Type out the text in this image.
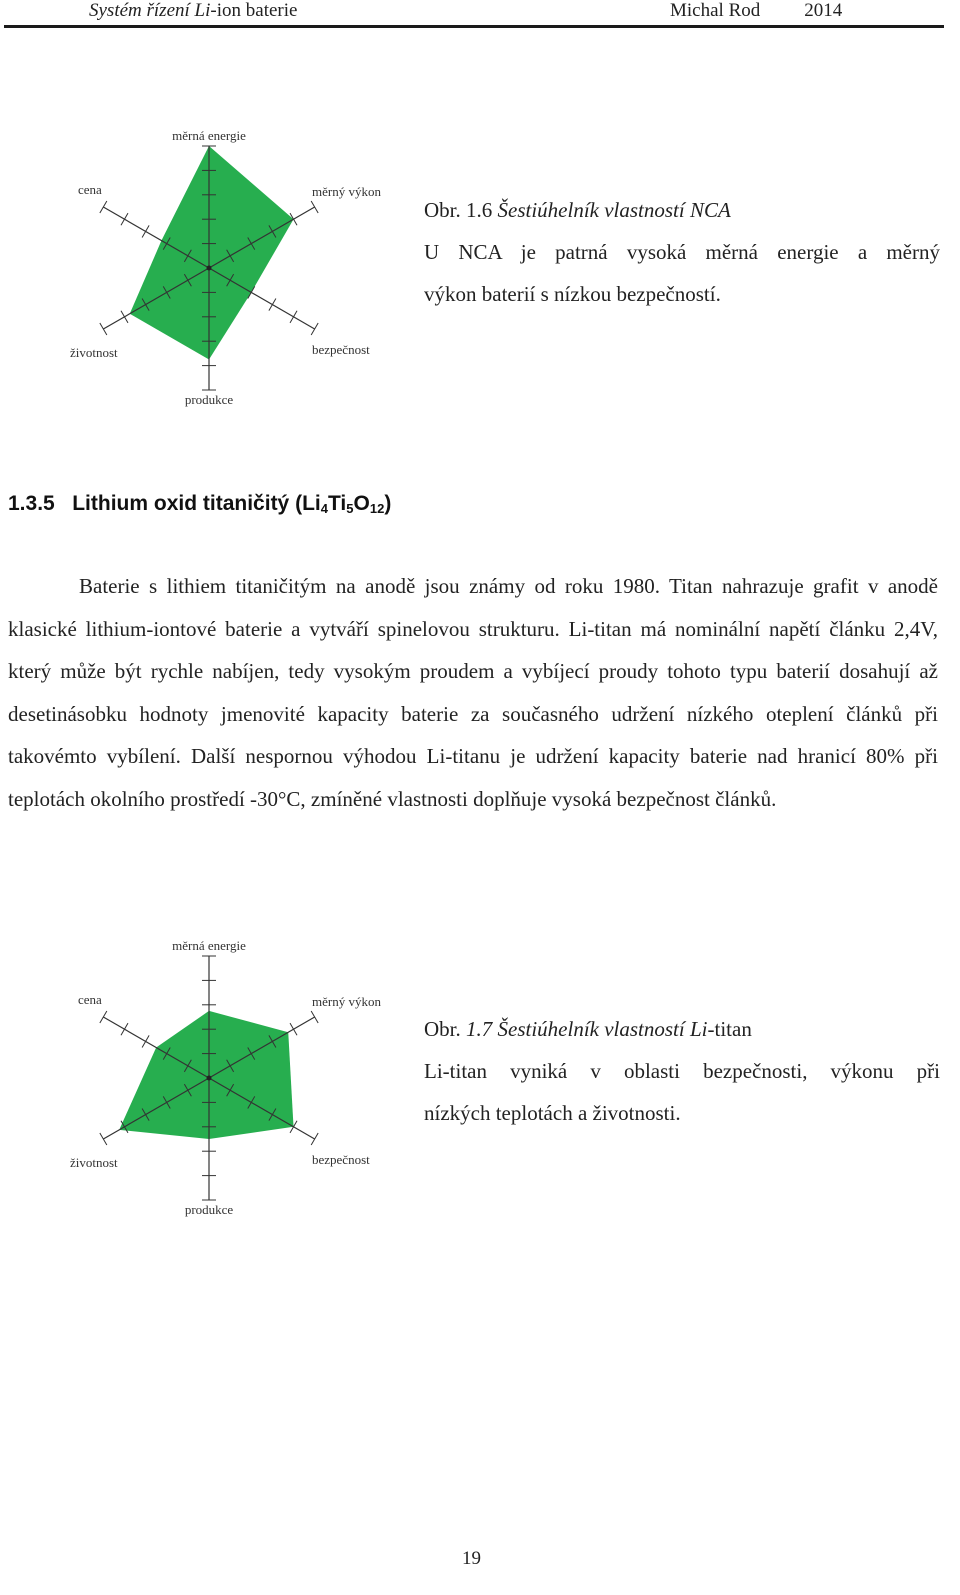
Systém řízení Li-ion baterie	Michal Rod 2014
měrná energie
měrný výkon
bezpečnost
produkce
životnost
cena

Obr. 1.6 Šestiúhelník vlastností NCA

U NCA je patrná vysoká měrná energie a měrný

výkon baterií s nízkou bezpečností.

1.3.5 Lithium oxid titaničitý $(Li_4Ti_5O_{12})$

Baterie s lithiem titaničitým na anodě jsou známy od roku 1980. Titan nahrazuje grafit v anodě klasické lithium-iontové baterie a vytváří spinelovou strukturu. Li-titan má nominální napětí článku 2,4V, který může být rychle nabíjen, tedy vysokým proudem a vybíjecí proudy tohoto typu baterií dosahují až desetinásobku hodnoty jmenovité kapacity baterie za současného udržení nízkého oteplení článků při takovémto vybílení. Další nespornou výhodou Li-titanu je udržení kapacity baterie nad hranicí 80% při teplotách okolního prostředí -30°C, zmíněné vlastnosti doplňuje vysoká bezpečnost článků.

měrná energie
měrný výkon
bezpečnost
produkce
životnost
cena

Obr. 1.7 Šestiúhelník vlastností Li-titan

Li-titan vyniká v oblasti bezpečnosti, výkonu při

nízkých teplotách a životnosti.

19
